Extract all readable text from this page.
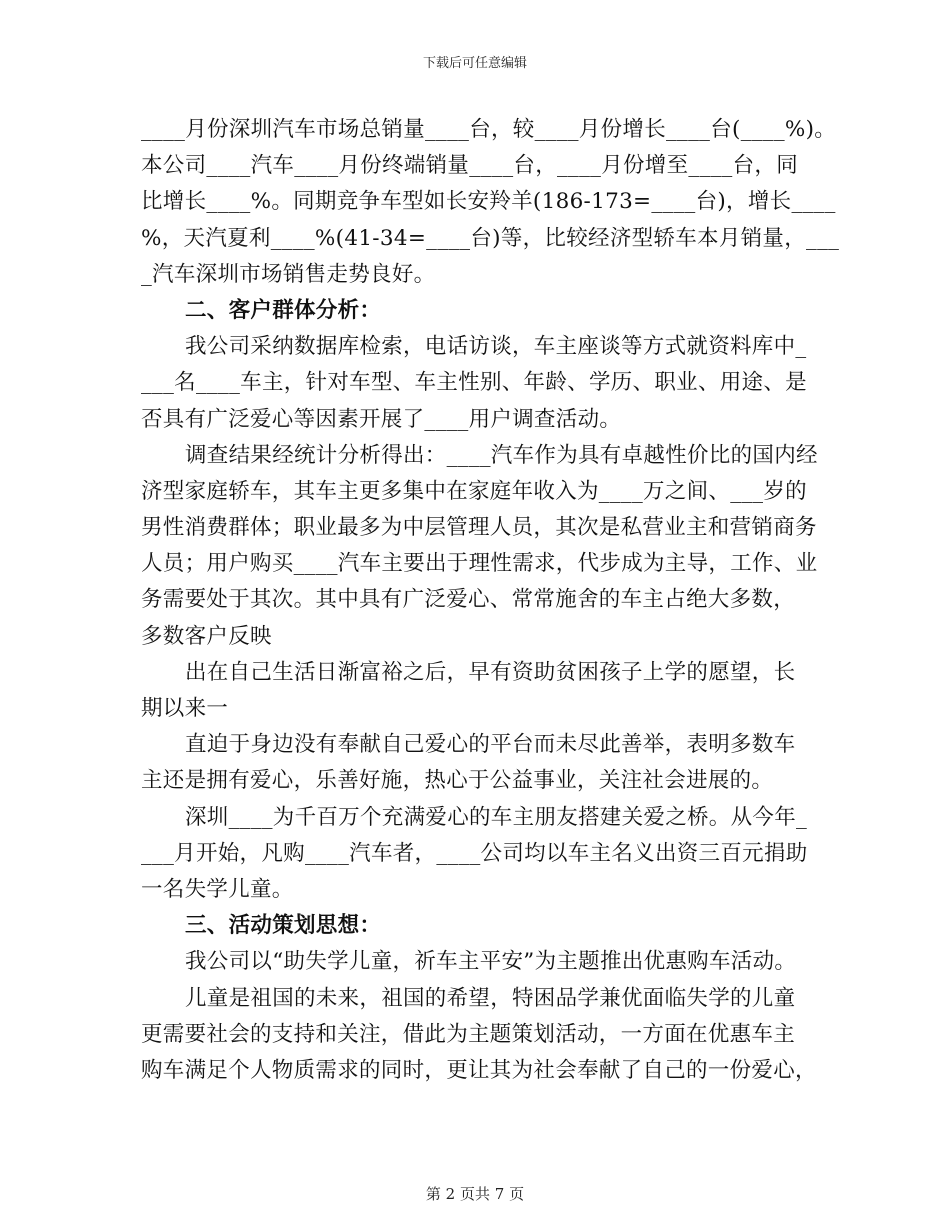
下载后可任意编辑
____月份深圳汽车市场总销量____台，较____月份增长____台(____%)。
本公司____汽车____月份终端销量____台，____月份增至____台，同
比增长____%。同期竞争车型如长安羚羊(186-173=____台)，增长____
%，天汽夏利____%(41-34=____台)等，比较经济型轿车本月销量，___
_汽车深圳市场销售走势良好。
二、客户群体分析：
我公司采纳数据库检索，电话访谈，车主座谈等方式就资料库中_
___名____车主，针对车型、车主性别、年龄、学历、职业、用途、是
否具有广泛爱心等因素开展了____用户调查活动。
调查结果经统计分析得出：____汽车作为具有卓越性价比的国内经
济型家庭轿车，其车主更多集中在家庭年收入为____万之间、___岁的
男性消费群体；职业最多为中层管理人员，其次是私营业主和营销商务
人员；用户购买____汽车主要出于理性需求，代步成为主导，工作、业
务需要处于其次。其中具有广泛爱心、常常施舍的车主占绝大多数，
多数客户反映
出在自己生活日渐富裕之后，早有资助贫困孩子上学的愿望，长
期以来一
直迫于身边没有奉献自己爱心的平台而未尽此善举，表明多数车
主还是拥有爱心，乐善好施，热心于公益事业，关注社会进展的。
深圳____为千百万个充满爱心的车主朋友搭建关爱之桥。从今年_
___月开始，凡购____汽车者，____公司均以车主名义出资三百元捐助
一名失学儿童。
三、活动策划思想：
我公司以“助失学儿童，祈车主平安”为主题推出优惠购车活动。
儿童是祖国的未来，祖国的希望，特困品学兼优面临失学的儿童
更需要社会的支持和关注，借此为主题策划活动，一方面在优惠车主
购车满足个人物质需求的同时，更让其为社会奉献了自己的一份爱心，
第 2 页共 7 页
